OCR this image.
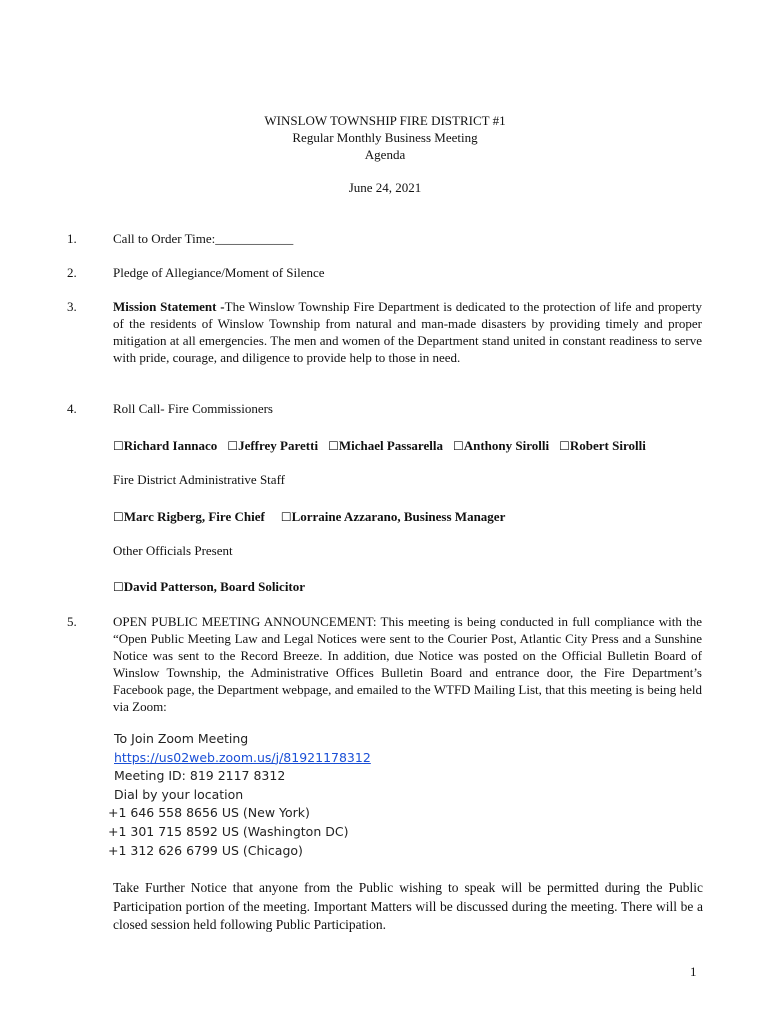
WINSLOW TOWNSHIP FIRE DISTRICT #1
Regular Monthly Business Meeting
Agenda
June 24, 2021
1.	Call to Order Time:____________
2.	Pledge of Allegiance/Moment of Silence
3.	Mission Statement -The Winslow Township Fire Department is dedicated to the protection of life and property of the residents of Winslow Township from natural and man-made disasters by providing timely and proper mitigation at all emergencies. The men and women of the Department stand united in constant readiness to serve with pride, courage, and diligence to provide help to those in need.
4.	Roll Call- Fire Commissioners
☐Richard Iannaco ☐Jeffrey Paretti ☐Michael Passarella ☐Anthony Sirolli ☐Robert Sirolli
Fire District Administrative Staff
☐Marc Rigberg, Fire Chief ☐Lorraine Azzarano, Business Manager
Other Officials Present
☐David Patterson, Board Solicitor
5.	OPEN PUBLIC MEETING ANNOUNCEMENT: This meeting is being conducted in full compliance with the “Open Public Meeting Law and Legal Notices were sent to the Courier Post, Atlantic City Press and a Sunshine Notice was sent to the Record Breeze. In addition, due Notice was posted on the Official Bulletin Board of Winslow Township, the Administrative Offices Bulletin Board and entrance door, the Fire Department’s Facebook page, the Department webpage, and emailed to the WTFD Mailing List, that this meeting is being held via Zoom:
To Join Zoom Meeting
https://us02web.zoom.us/j/81921178312
Meeting ID: 819 2117 8312
Dial by your location
+1 646 558 8656 US (New York)
+1 301 715 8592 US (Washington DC)
+1 312 626 6799 US (Chicago)
Take Further Notice that anyone from the Public wishing to speak will be permitted during the Public Participation portion of the meeting. Important Matters will be discussed during the meeting. There will be a closed session held following Public Participation.
1
